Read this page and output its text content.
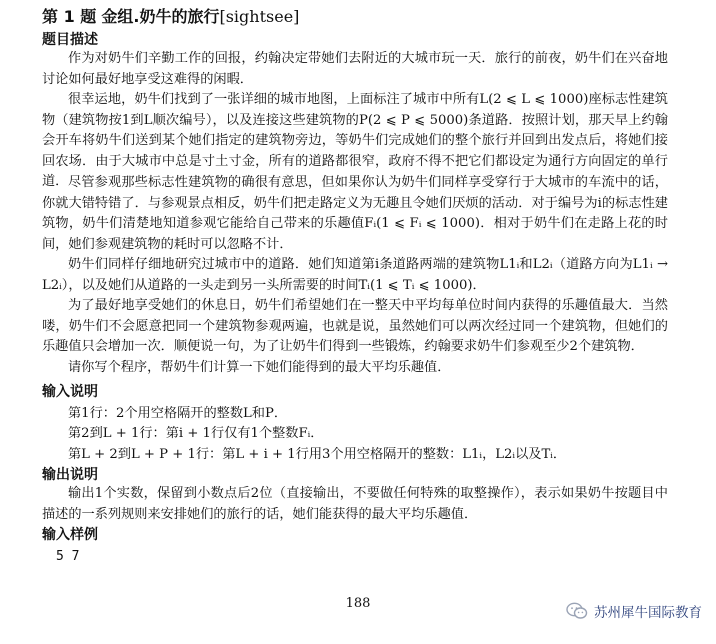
第 1 题 金组.奶牛的旅行[sightsee]
题目描述

作为对奶牛们辛勤工作的回报，约翰决定带她们去附近的大城市玩一天．旅行的前夜，奶牛们在兴奋地讨论如何最好地享受这难得的闲暇．

很幸运地，奶牛们找到了一张详细的城市地图，上面标注了城市中所有L(2 ⩽ L ⩽ 1000)座标志性建筑物（建筑物按1到L顺次编号），以及连接这些建筑物的P(2 ⩽ P ⩽ 5000)条道路．按照计划，那天早上约翰会开车将奶牛们送到某个她们指定的建筑物旁边，等奶牛们完成她们的整个旅行并回到出发点后，将她们接回农场．由于大城市中总是寸土寸金，所有的道路都很窄，政府不得不把它们都设定为通行方向固定的单行道． 尽管参观那些标志性建筑物的确很有意思，但如果你认为奶牛们同样享受穿行于大城市的车流中的话，你就大错特错了．与参观景点相反，奶牛们把走路定义为无趣且令她们厌烦的活动．对于编号为i的标志性建筑物，奶牛们清楚地知道参观它能给自己带来的乐趣值Fᵢ(1 ⩽ Fᵢ ⩽ 1000)．相对于奶牛们在走路上花的时间，她们参观建筑物的耗时可以忽略不计．

奶牛们同样仔细地研究过城市中的道路．她们知道第i条道路两端的建筑物L1ᵢ和L2ᵢ（道路方向为L1ᵢ → L2ᵢ），以及她们从道路的一头走到另一头所需要的时间Tᵢ(1 ⩽ Tᵢ ⩽ 1000)．

为了最好地享受她们的休息日，奶牛们希望她们在一整天中平均每单位时间内获得的乐趣值最大．当然喽，奶牛们不会愿意把同一个建筑物参观两遍，也就是说，虽然她们可以两次经过同一个建筑物，但她们的乐趣值只会增加一次．顺便说一句，为了让奶牛们得到一些锻炼，约翰要求奶牛们参观至少2个建筑物．

请你写个程序，帮奶牛们计算一下她们能得到的最大平均乐趣值．

输入说明
第1行：2个用空格隔开的整数L和P．
第2到L + 1行：第i + 1行仅有1个整数Fᵢ．
第L + 2到L + P + 1行：第L + i + 1行用3个用空格隔开的整数：L1ᵢ，L2ᵢ以及Tᵢ．
输出说明

输出1个实数，保留到小数点后2位（直接输出，不要做任何特殊的取整操作），表示如果奶牛按题目中描述的一系列规则来安排她们的旅行的话，她们能获得的最大平均乐趣值．

输入样例
5 7
188
苏州犀牛国际教育
